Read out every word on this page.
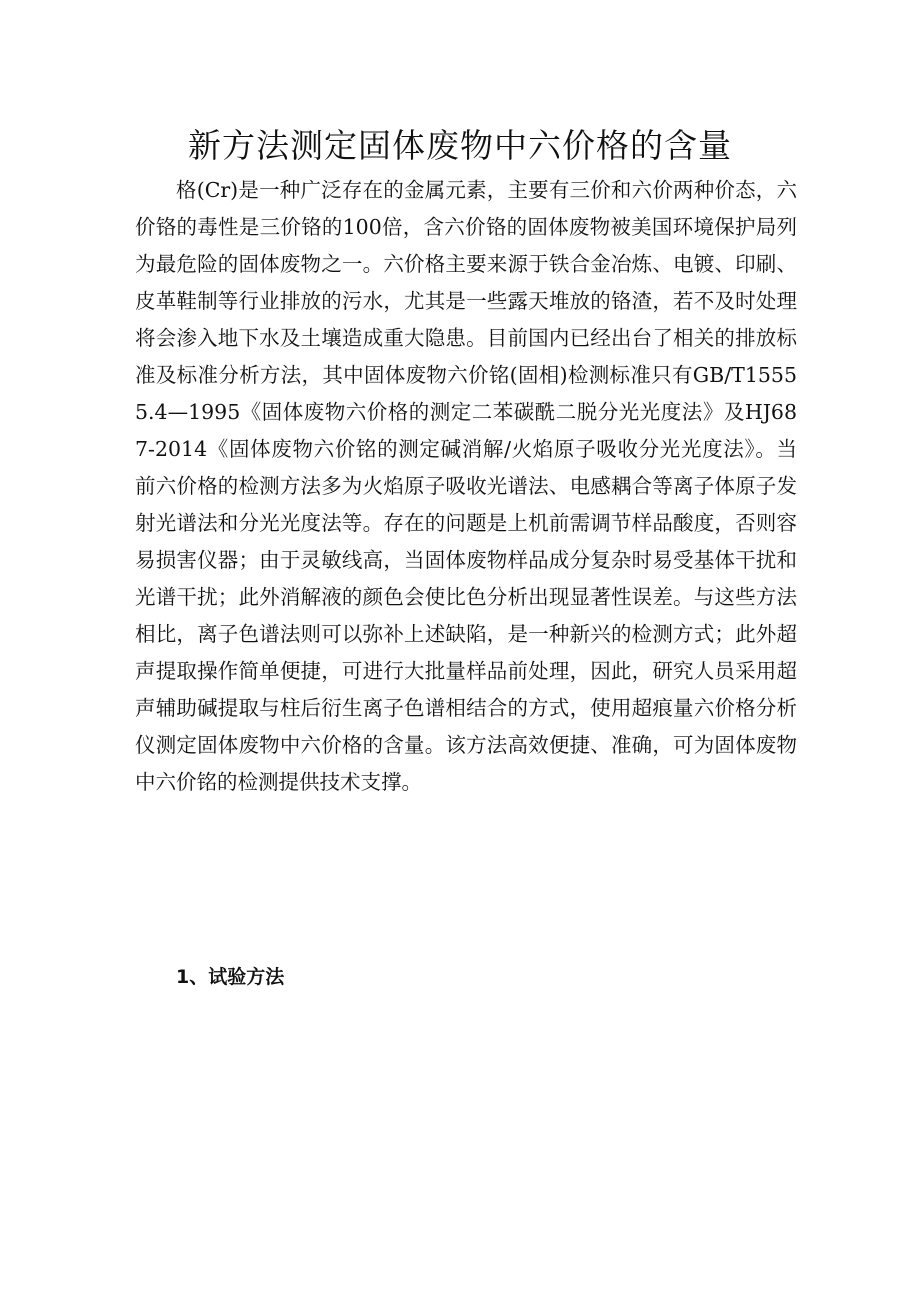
新方法测定固体废物中六价格的含量

格(Cr)是一种广泛存在的金属元素，主要有三价和六价两种价态，六价铬的毒性是三价铬的100倍，含六价铬的固体废物被美国环境保护局列为最危险的固体废物之一。六价格主要来源于铁合金冶炼、电镀、印刷、皮革鞋制等行业排放的污水，尤其是一些露天堆放的铬渣，若不及时处理将会渗入地下水及土壤造成重大隐患。目前国内已经出台了相关的排放标准及标准分析方法，其中固体废物六价铭(固相)检测标准只有GB/T15555.4—1995《固体废物六价格的测定二苯碳酰二脱分光光度法》及HJ687-2014《固体废物六价铭的测定碱消解/火焰原子吸收分光光度法》。当前六价格的检测方法多为火焰原子吸收光谱法、电感耦合等离子体原子发射光谱法和分光光度法等。存在的问题是上机前需调节样品酸度，否则容易损害仪器；由于灵敏线高，当固体废物样品成分复杂时易受基体干扰和光谱干扰；此外消解液的颜色会使比色分析出现显著性误差。与这些方法相比，离子色谱法则可以弥补上述缺陷，是一种新兴的检测方式；此外超声提取操作简单便捷，可进行大批量样品前处理，因此，研究人员采用超声辅助碱提取与柱后衍生离子色谱相结合的方式，使用超痕量六价格分析仪测定固体废物中六价格的含量。该方法高效便捷、准确，可为固体废物中六价铭的检测提供技术支撑。

1、试验方法
